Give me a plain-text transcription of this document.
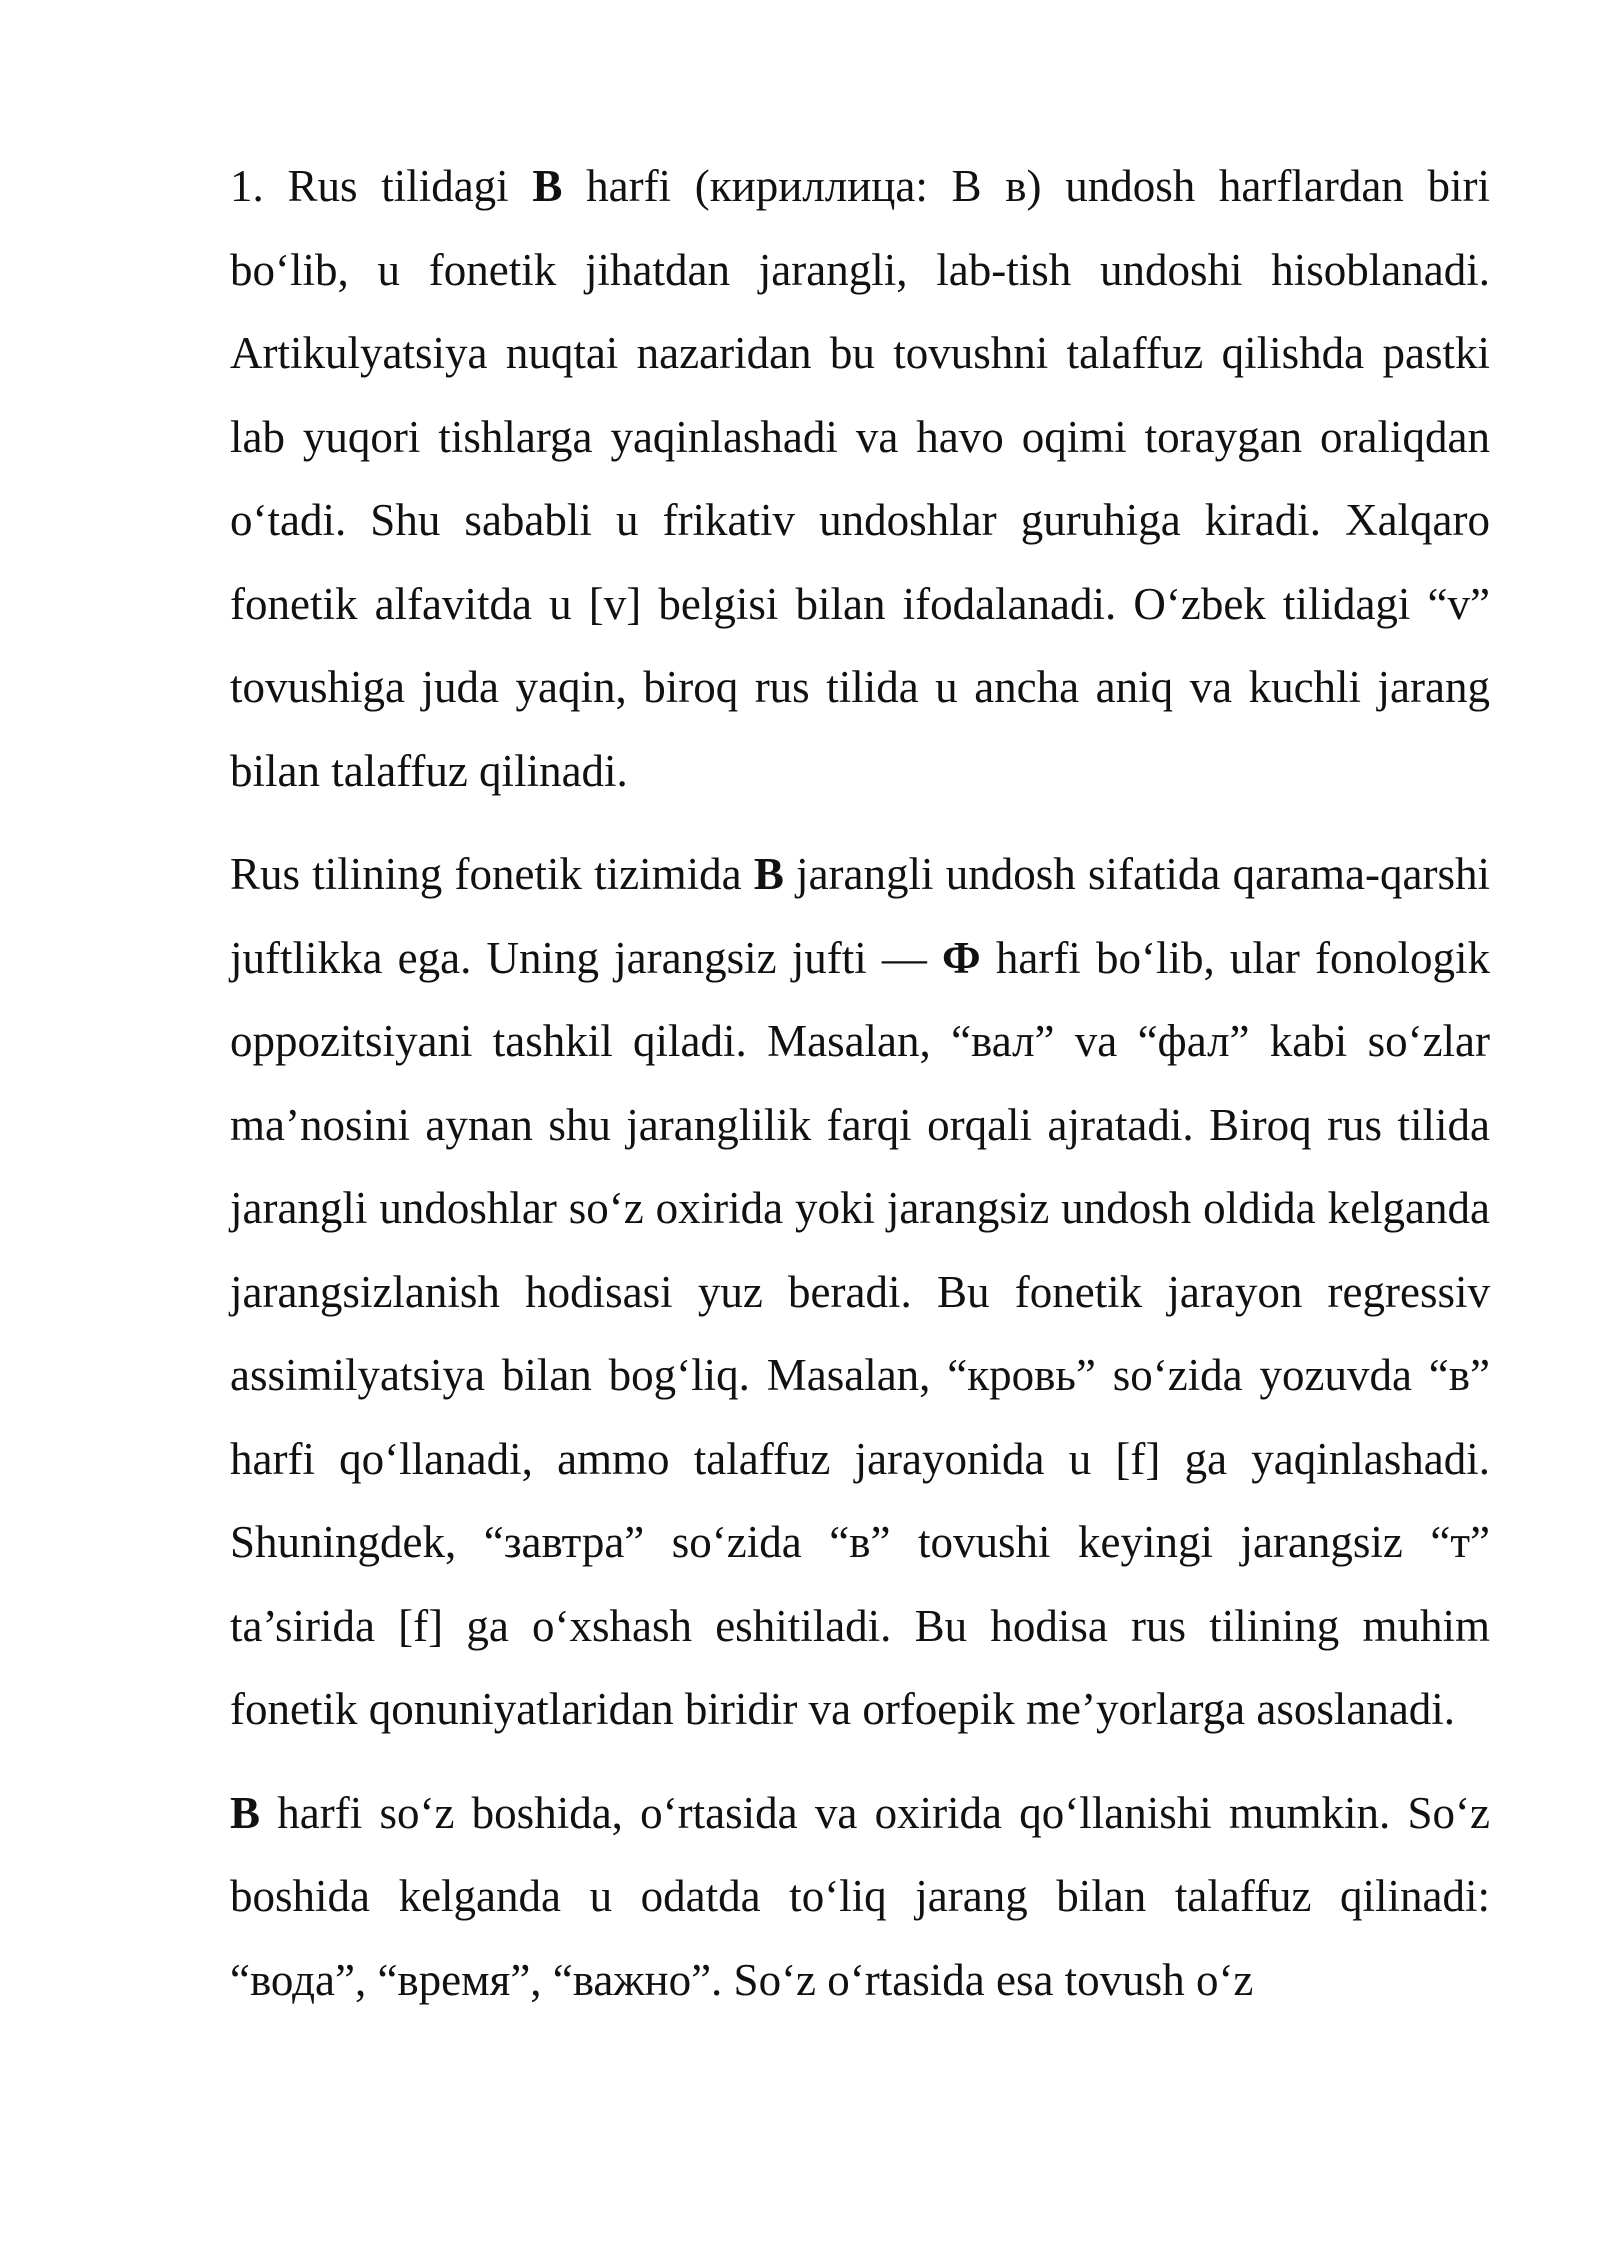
1. Rus tilidagi B harfi (кириллица: В в) undosh harflardan biri bo‘lib, u fonetik jihatdan jarangli, lab-tish undoshi hisoblanadi. Artikulyatsiya nuqtai nazaridan bu tovushni talaffuz qilishda pastki lab yuqori tishlarga yaqinlashadi va havo oqimi toraygan oraliqdan o‘tadi. Shu sababli u frikativ undoshlar guruhiga kiradi. Xalqaro fonetik alfavitda u [v] belgisi bilan ifodalanadi. O‘zbek tilidagi “v” tovushiga juda yaqin, biroq rus tilida u ancha aniq va kuchli jarang bilan talaffuz qilinadi.

Rus tilining fonetik tizimida B jarangli undosh sifatida qarama-qarshi juftlikka ega. Uning jarangsiz jufti — Ф harfi bo‘lib, ular fonologik oppozitsiyani tashkil qiladi. Masalan, “вал” va “фал” kabi so‘zlar ma’nosini aynan shu jaranglilik farqi orqali ajratadi. Biroq rus tilida jarangli undoshlar so‘z oxirida yoki jarangsiz undosh oldida kelganda jarangsizlanish hodisasi yuz beradi. Bu fonetik jarayon regressiv assimilyatsiya bilan bog‘liq. Masalan, “кровь” so‘zida yozuvda “в” harfi qo‘llanadi, ammo talaffuz jarayonida u [f] ga yaqinlashadi. Shuningdek, “завтра” so‘zida “в” tovushi keyingi jarangsiz “т” ta’sirida [f] ga o‘xshash eshitiladi. Bu hodisa rus tilining muhim fonetik qonuniyatlaridan biridir va orfoepik me’yorlarga asoslanadi.

B harfi so‘z boshida, o‘rtasida va oxirida qo‘llanishi mumkin. So‘z boshida kelganda u odatda to‘liq jarang bilan talaffuz qilinadi: “вода”, “время”, “важно”. So‘z o‘rtasida esa tovush o‘z
